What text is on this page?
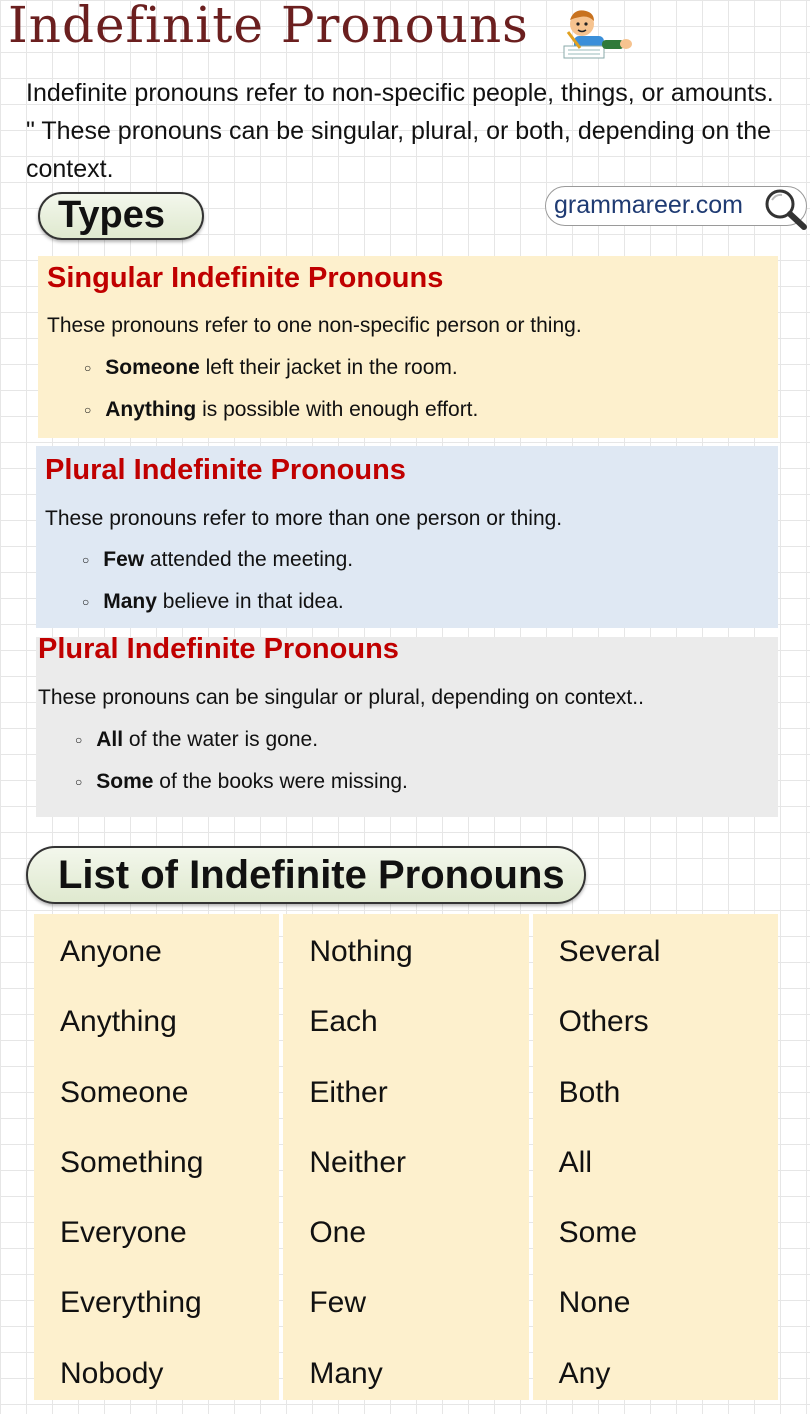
Indefinite Pronouns
Indefinite pronouns refer to non-specific people, things, or amounts. " These pronouns can be singular, plural, or both, depending on the context.
Types	grammareer.com
Singular Indefinite Pronouns
These pronouns refer to one non-specific person or thing.
○ Someone left their jacket in the room.
○ Anything is possible with enough effort.
Plural Indefinite Pronouns
These pronouns refer to more than one person or thing.
○ Few attended the meeting.
○ Many believe in that idea.
Plural Indefinite Pronouns
These pronouns can be singular or plural, depending on context..
○ All of the water is gone.
○ Some of the books were missing.
List of Indefinite Pronouns
Anyone
Anything
Someone
Something
Everyone
Everything
Nobody
Nothing
Each
Either
Neither
One
Few
Many
Several
Others
Both
All
Some
None
Any
